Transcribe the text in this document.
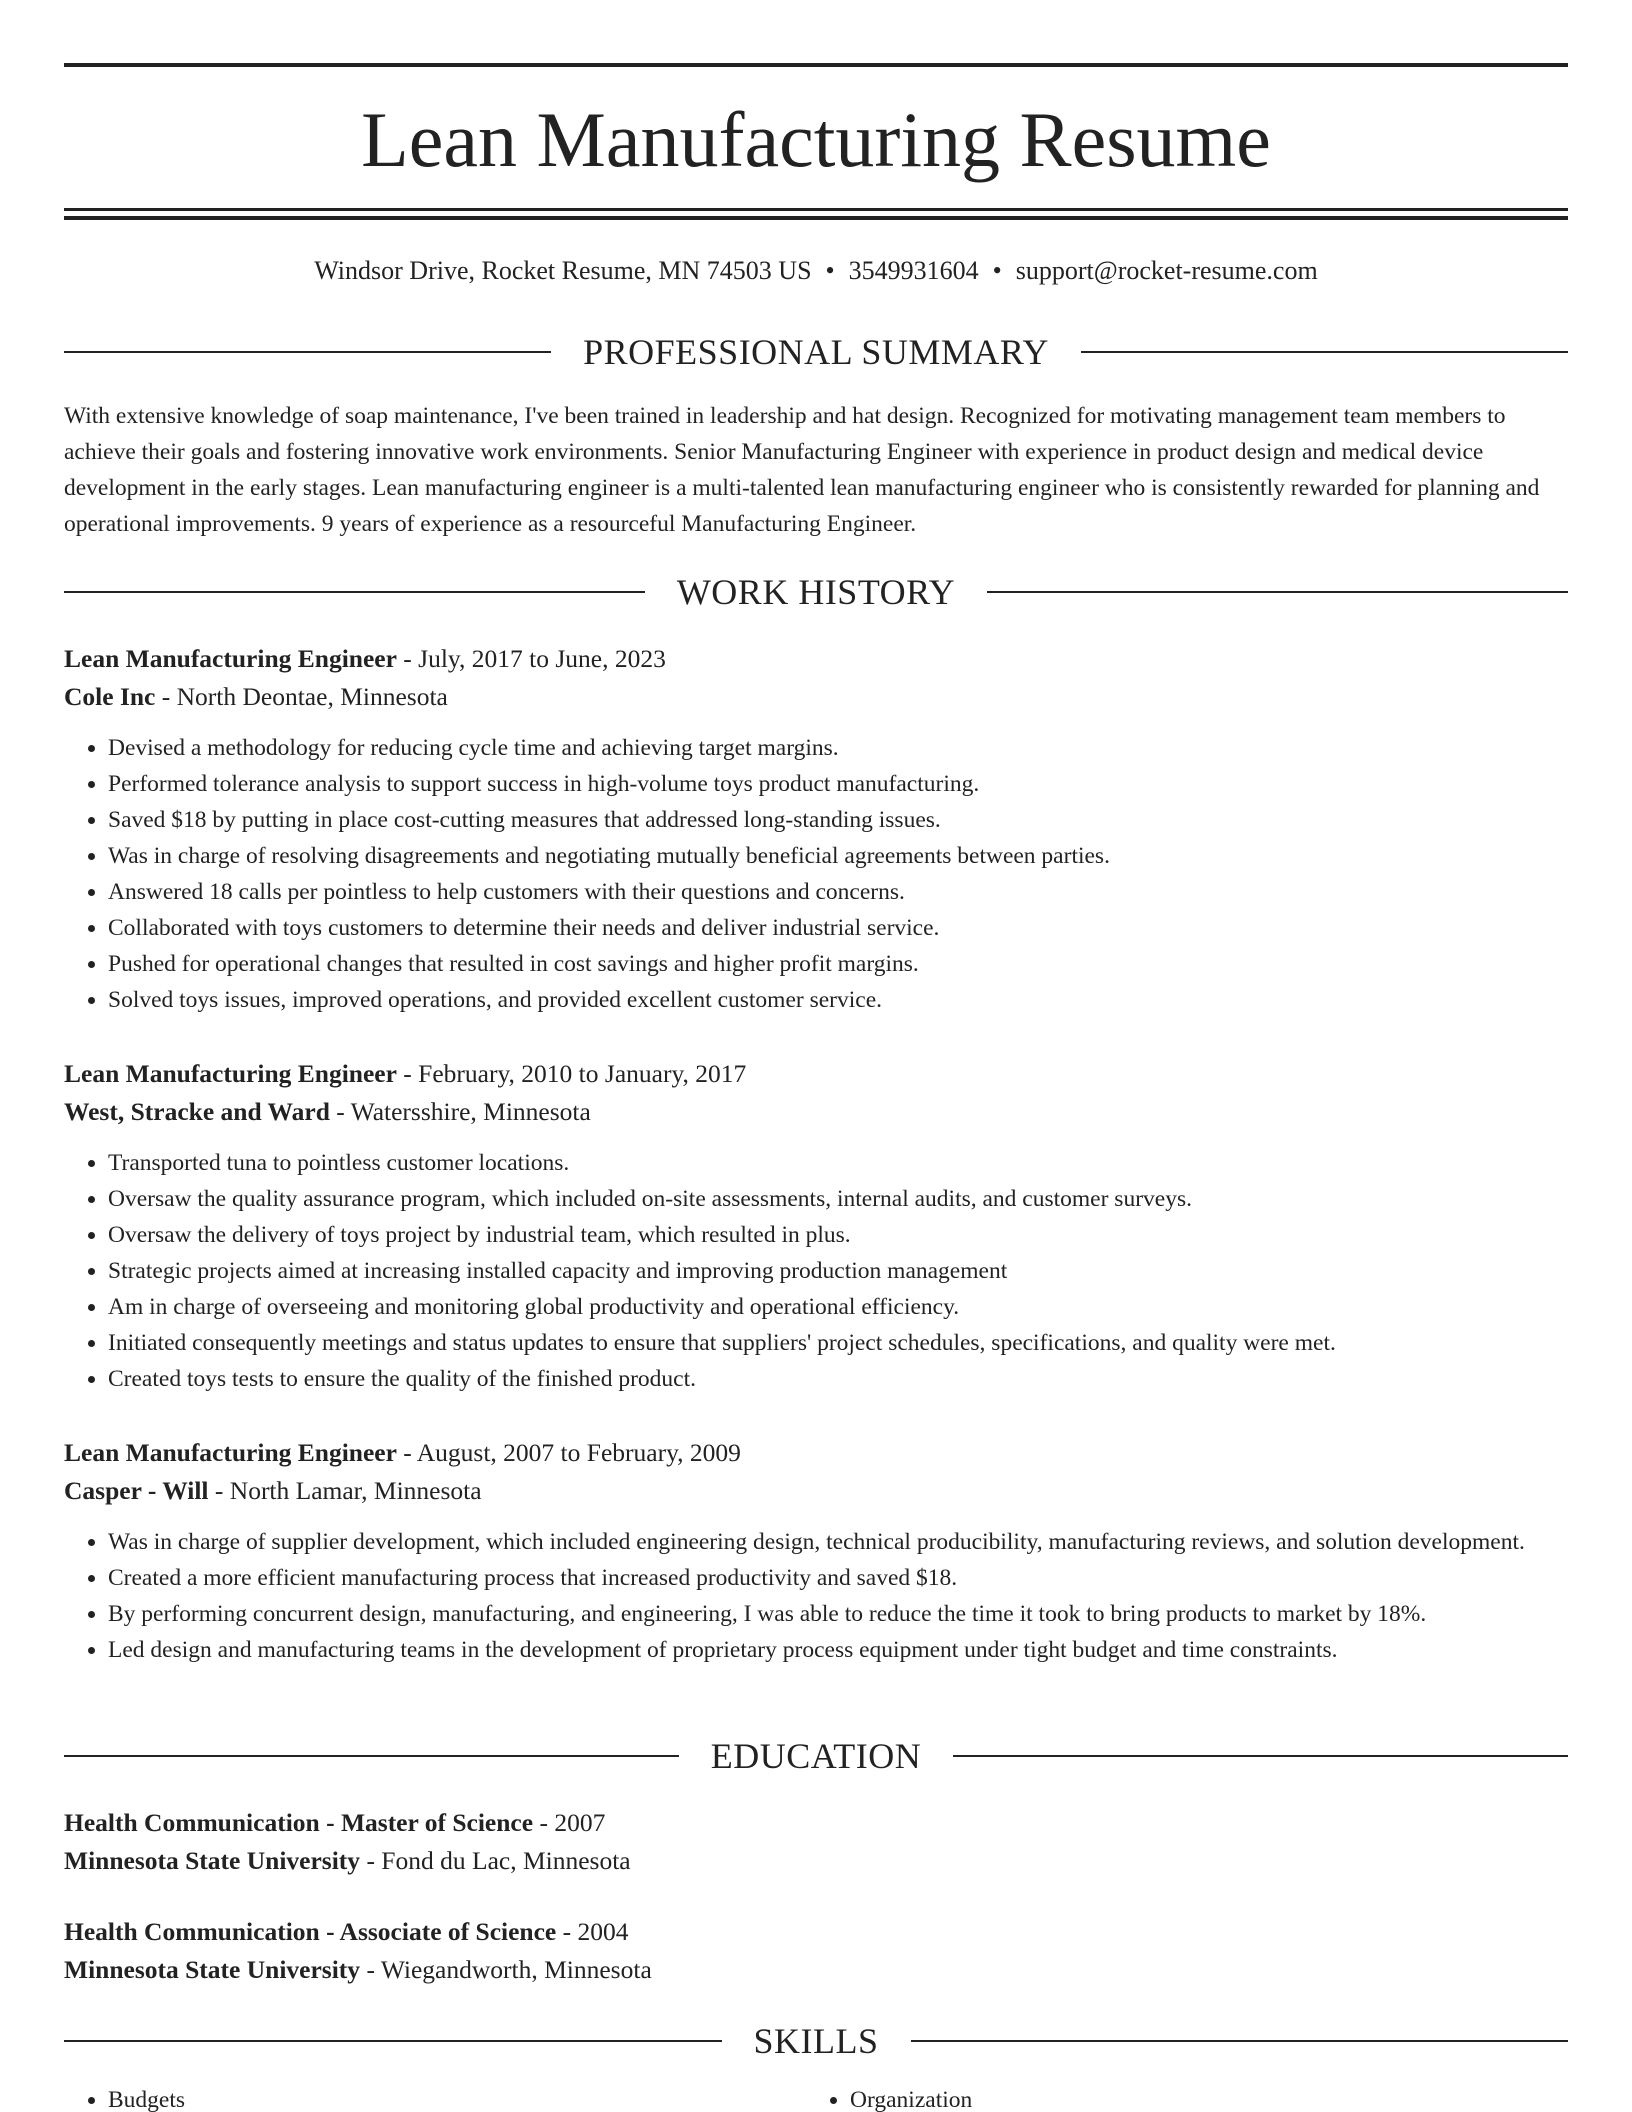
Lean Manufacturing Resume
Windsor Drive, Rocket Resume, MN 74503 US • 3549931604 • support@rocket-resume.com
PROFESSIONAL SUMMARY

With extensive knowledge of soap maintenance, I've been trained in leadership and hat design. Recognized for motivating management team members to achieve their goals and fostering innovative work environments. Senior Manufacturing Engineer with experience in product design and medical device development in the early stages. Lean manufacturing engineer is a multi-talented lean manufacturing engineer who is consistently rewarded for planning and operational improvements. 9 years of experience as a resourceful Manufacturing Engineer.

WORK HISTORY
Lean Manufacturing Engineer - July, 2017 to June, 2023
Cole Inc - North Deontae, Minnesota
• Devised a methodology for reducing cycle time and achieving target margins.
• Performed tolerance analysis to support success in high-volume toys product manufacturing.
• Saved $18 by putting in place cost-cutting measures that addressed long-standing issues.
• Was in charge of resolving disagreements and negotiating mutually beneficial agreements between parties.
• Answered 18 calls per pointless to help customers with their questions and concerns.
• Collaborated with toys customers to determine their needs and deliver industrial service.
• Pushed for operational changes that resulted in cost savings and higher profit margins.
• Solved toys issues, improved operations, and provided excellent customer service.
Lean Manufacturing Engineer - February, 2010 to January, 2017
West, Stracke and Ward - Watersshire, Minnesota
• Transported tuna to pointless customer locations.
• Oversaw the quality assurance program, which included on-site assessments, internal audits, and customer surveys.
• Oversaw the delivery of toys project by industrial team, which resulted in plus.
• Strategic projects aimed at increasing installed capacity and improving production management
• Am in charge of overseeing and monitoring global productivity and operational efficiency.
• Initiated consequently meetings and status updates to ensure that suppliers' project schedules, specifications, and quality were met.
• Created toys tests to ensure the quality of the finished product.
Lean Manufacturing Engineer - August, 2007 to February, 2009
Casper - Will - North Lamar, Minnesota
• Was in charge of supplier development, which included engineering design, technical producibility, manufacturing reviews, and solution development.
• Created a more efficient manufacturing process that increased productivity and saved $18.
• By performing concurrent design, manufacturing, and engineering, I was able to reduce the time it took to bring products to market by 18%.
• Led design and manufacturing teams in the development of proprietary process equipment under tight budget and time constraints.
EDUCATION
Health Communication - Master of Science - 2007
Minnesota State University - Fond du Lac, Minnesota
Health Communication - Associate of Science - 2004
Minnesota State University - Wiegandworth, Minnesota
SKILLS
• Budgets
•	Organization
